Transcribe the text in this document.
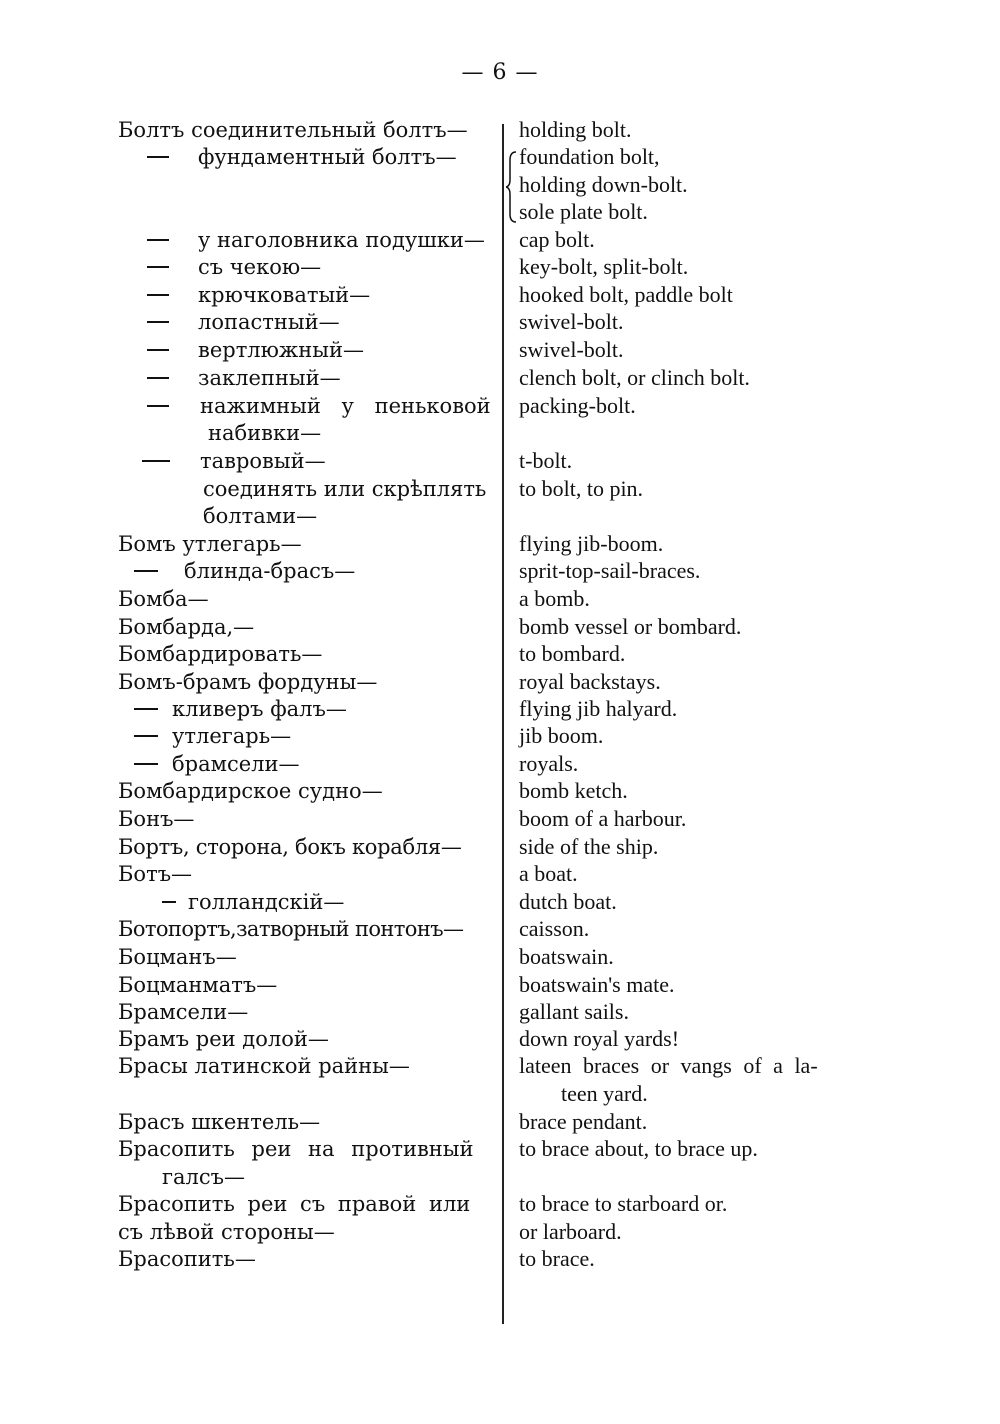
— 6 —
Болтъ соединительный болтъ— holding bolt.
фундаментный болтъ—	foundation bolt,
holding down-bolt.
sole plate bolt.
у наголовника подушки— cap bolt.
съ чекою—	key-bolt, split-bolt.
крючковатый—	hooked bolt, paddle bolt
лопастный—	swivel-bolt.
вертлюжный—	swivel-bolt.
заклепный—	clench bolt, or clinch bolt.
нажимный у пеньковой packing-bolt.
набивки—
тавровый—	t-bolt.
соединять или скрѣплять to bolt, to pin.
болтами—
Бомъ утлегарь—	flying jib-boom.
блинда-брасъ—	sprit-top-sail-braces.
Бомба—	a bomb.
Бомбарда,—	bomb vessel or bombard.
Бомбардировать—	to bombard.
Бомъ-брамъ фордуны—	royal backstays.
кливеръ фалъ—	flying jib halyard.
утлегарь—	jib boom.
брамсели—	royals.
Бомбардирское судно—	bomb ketch.
Бонъ—	boom of a harbour.
Бортъ, сторона, бокъ корабля—	side of the ship.
Ботъ—	a boat.
голландскій—	dutch boat.
Ботопортъ,затворный понтонъ—	caisson.
Боцманъ—	boatswain.
Боцманматъ—	boatswain's mate.
Брамсели—	gallant sails.
Брамъ реи долой—	down royal yards!
Брасы латинской райны—	lateen braces or vangs of a la-
teen yard.
Брасъ шкентель—	brace pendant.
Брасопить реи на противный to brace about, to brace up.
галсъ—
Брасопить реи съ правой или to brace to starboard or.
съ лѣвой стороны—	or larboard.
Брасопить—	to brace.
